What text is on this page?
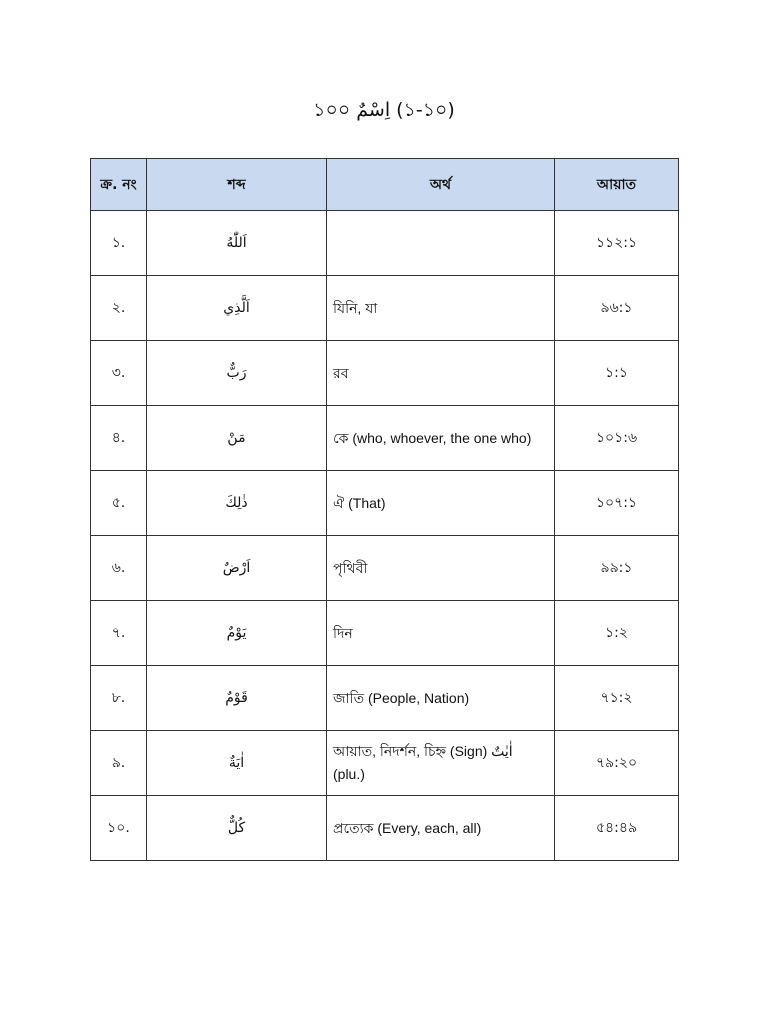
১০০ اِسْمٌ (১-১০)
ক্র. নং	শব্দ	অর্থ	আয়াত
১.	اَللّٰهُ		১১২:১
২.	اَلَّذِي	যিনি, যা	৯৬:১
৩.	رَبٌّ	রব	১:১
৪.	مَنْ	কে (who, whoever, the one who)	১০১:৬
৫.	ذٰلِكَ	ঐ (That)	১০৭:১
৬.	اَرْضٌ	পৃথিবী	৯৯:১
৭.	يَوْمٌ	দিন	১:২
৮.	قَوْمٌ	জাতি (People, Nation)	৭১:২
৯.	اٰيَةٌ	আয়াত, নিদর্শন, চিহ্ন (Sign) اٰيٰتٌ (plu.)	৭৯:২০
১০.	كُلٌّ	প্রত্যেক (Every, each, all)	৫৪:৪৯
